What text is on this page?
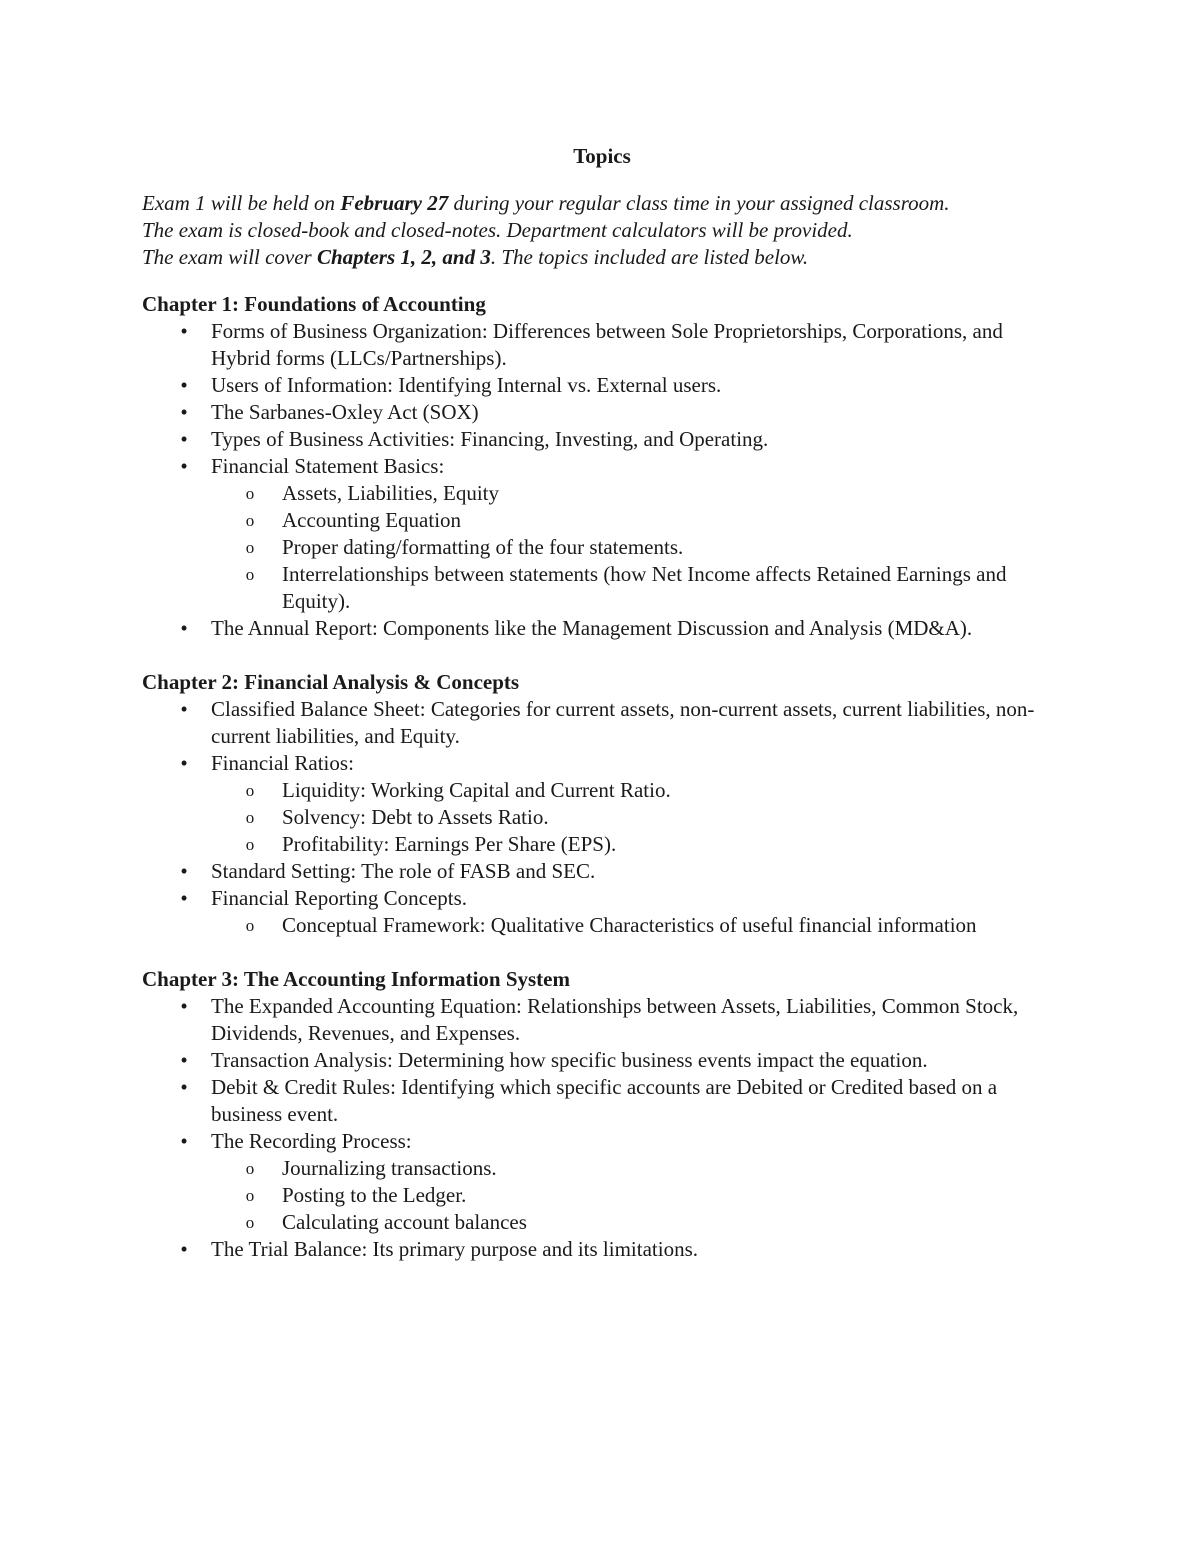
Topics

Exam 1 will be held on February 27 during your regular class time in your assigned classroom.

The exam is closed-book and closed-notes. Department calculators will be provided.

The exam will cover Chapters 1, 2, and 3. The topics included are listed below.

Chapter 1: Foundations of Accounting
•	Forms of Business Organization: Differences between Sole Proprietorships, Corporations, and Hybrid forms (LLCs/Partnerships).
•	Users of Information: Identifying Internal vs. External users.
•	The Sarbanes-Oxley Act (SOX)
•	Types of Business Activities: Financing, Investing, and Operating.
•	Financial Statement Basics:
o Assets, Liabilities, Equity
o Accounting Equation
o Proper dating/formatting of the four statements.
o Interrelationships between statements (how Net Income affects Retained Earnings and Equity).
•	The Annual Report: Components like the Management Discussion and Analysis (MD&A).
Chapter 2: Financial Analysis & Concepts
•	Classified Balance Sheet: Categories for current assets, non-current assets, current liabilities, non-current liabilities, and Equity.
•	Financial Ratios:
o Liquidity: Working Capital and Current Ratio.
o Solvency: Debt to Assets Ratio.
o Profitability: Earnings Per Share (EPS).
•	Standard Setting: The role of FASB and SEC.
•	Financial Reporting Concepts.
o Conceptual Framework: Qualitative Characteristics of useful financial information
Chapter 3: The Accounting Information System
•	The Expanded Accounting Equation: Relationships between Assets, Liabilities, Common Stock, Dividends, Revenues, and Expenses.
•	Transaction Analysis: Determining how specific business events impact the equation.
•	Debit & Credit Rules: Identifying which specific accounts are Debited or Credited based on a business event.
•	The Recording Process:
o Journalizing transactions.
o Posting to the Ledger.
o Calculating account balances
•	The Trial Balance: Its primary purpose and its limitations.
